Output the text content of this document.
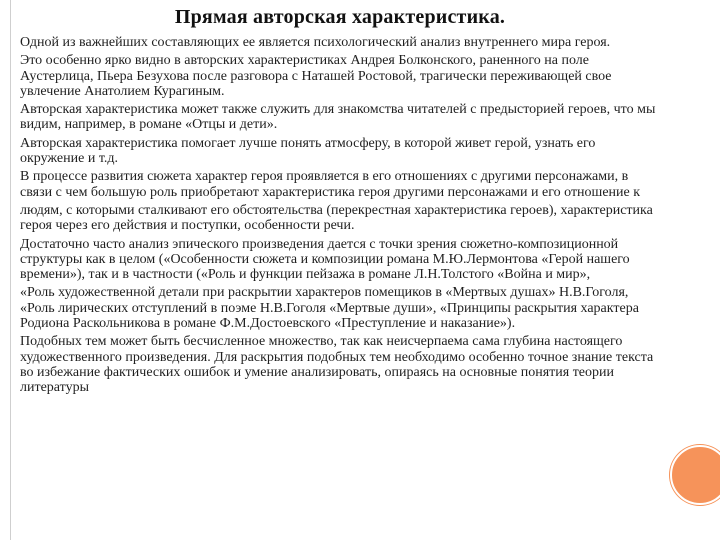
Прямая авторская характеристика.

Одной из важнейших составляющих ее является психологический анализ внутреннего мира героя.

Это особенно ярко видно в авторских характеристиках Андрея Болконского, раненного на поле Аустерлица, Пьера Безухова после разговора с Наташей Ростовой, трагически переживающей свое увлечение Анатолием Курагиным.

Авторская характеристика может также служить для знакомства читателей с предысторией героев, что мы видим, например, в романе «Отцы и дети».

Авторская характеристика помогает лучше понять атмосферу, в которой живет герой, узнать его окружение и т.д.

В процессе развития сюжета характер героя проявляется в его отношениях с другими персонажами, в связи с чем большую роль приобретают характеристика героя другими персонажами и его отношение к

людям, с которыми сталкивают его обстоятельства (перекрестная характеристика героев), характеристика героя через его действия и поступки, особенности речи.

Достаточно часто анализ эпического произведения дается с точки зрения сюжетно-композиционной структуры как в целом («Особенности сюжета и композиции романа М.Ю.Лермонтова «Герой нашего времени»), так и в частности («Роль и функции пейзажа в романе Л.Н.Толстого «Война и мир»,

«Роль художественной детали при раскрытии характеров помещиков в «Мертвых душах» Н.В.Гоголя, «Роль лирических отступлений в поэме Н.В.Гоголя «Мертвые души», «Принципы раскрытия характера Родиона Раскольникова в романе Ф.М.Достоевского «Преступление и наказание»).

Подобных тем может быть бесчисленное множество, так как неисчерпаема сама глубина настоящего художественного произведения. Для раскрытия подобных тем необходимо особенно точное знание текста во избежание фактических ошибок и умение анализировать, опираясь на основные понятия теории литературы
